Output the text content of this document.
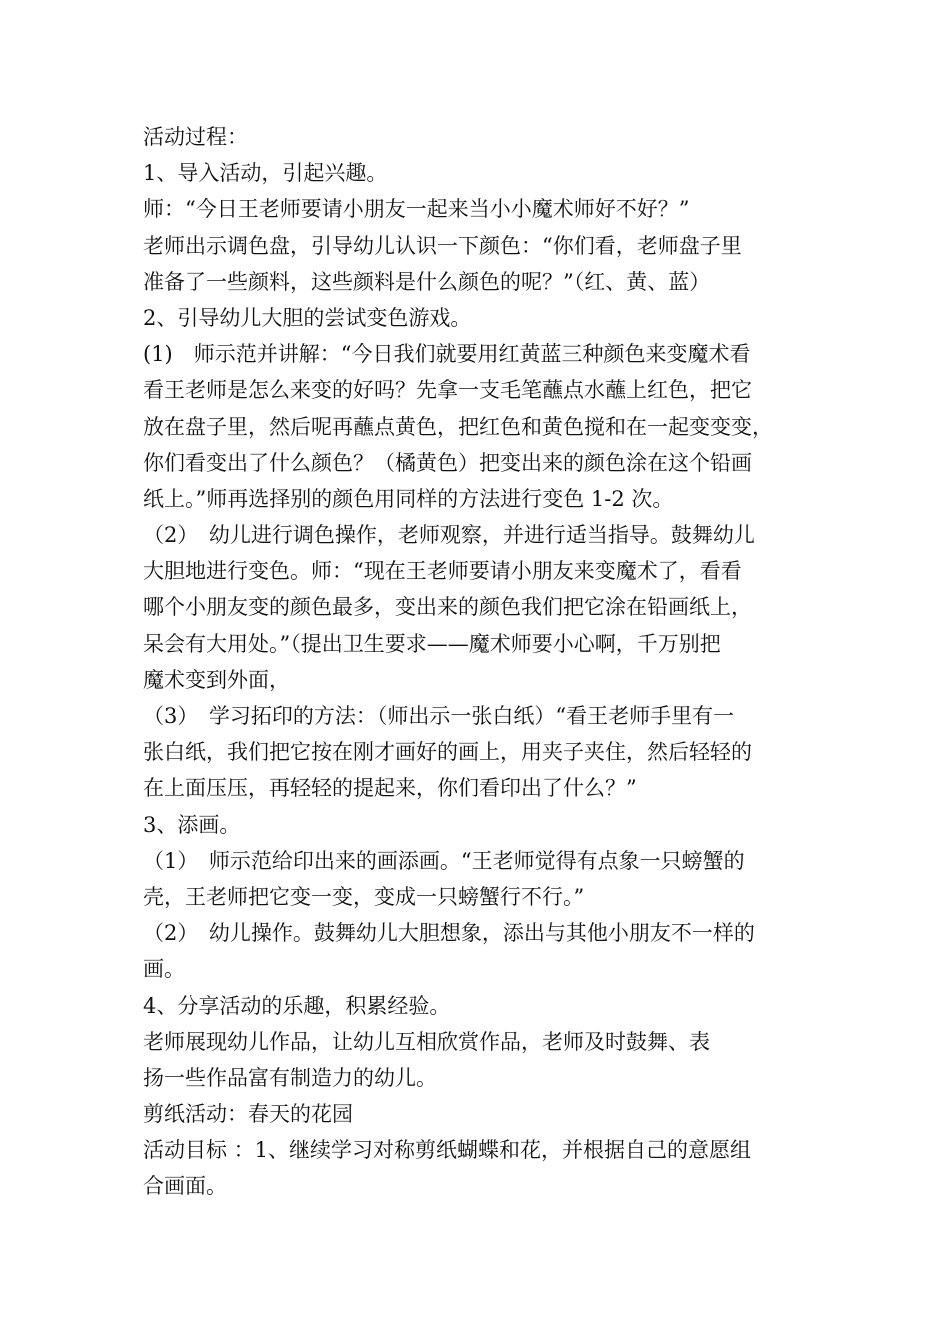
活动过程：
1、导入活动，引起兴趣。
师：“今日王老师要请小朋友一起来当小小魔术师好不好？”
老师出示调色盘，引导幼儿认识一下颜色：“你们看，老师盘子里
准备了一些颜料，这些颜料是什么颜色的呢？”（红、黄、蓝）
2、引导幼儿大胆的尝试变色游戏。
(1)　师示范并讲解：“今日我们就要用红黄蓝三种颜色来变魔术看
看王老师是怎么来变的好吗？先拿一支毛笔蘸点水蘸上红色，把它
放在盘子里，然后呢再蘸点黄色，把红色和黄色搅和在一起变变变，
你们看变出了什么颜色？（橘黄色）把变出来的颜色涂在这个铅画
纸上。”师再选择别的颜色用同样的方法进行变色 1-2 次。
（2）　幼儿进行调色操作，老师观察，并进行适当指导。鼓舞幼儿
大胆地进行变色。师：“现在王老师要请小朋友来变魔术了，看看
哪个小朋友变的颜色最多，变出来的颜色我们把它涂在铅画纸上，
呆会有大用处。”（提出卫生要求——魔术师要小心啊，千万别把
魔术变到外面，
（3）　学习拓印的方法：（师出示一张白纸）“看王老师手里有一
张白纸，我们把它按在刚才画好的画上，用夹子夹住，然后轻轻的
在上面压压，再轻轻的提起来，你们看印出了什么？”
3、添画。
（1）　师示范给印出来的画添画。“王老师觉得有点象一只螃蟹的
壳，王老师把它变一变，变成一只螃蟹行不行。”
（2）　幼儿操作。鼓舞幼儿大胆想象，添出与其他小朋友不一样的
画。
4、分享活动的乐趣，积累经验。
老师展现幼儿作品，让幼儿互相欣赏作品，老师及时鼓舞、表
扬一些作品富有制造力的幼儿。
剪纸活动：春天的花园
活动目标 ：1、继续学习对称剪纸蝴蝶和花，并根据自己的意愿组
合画面。
